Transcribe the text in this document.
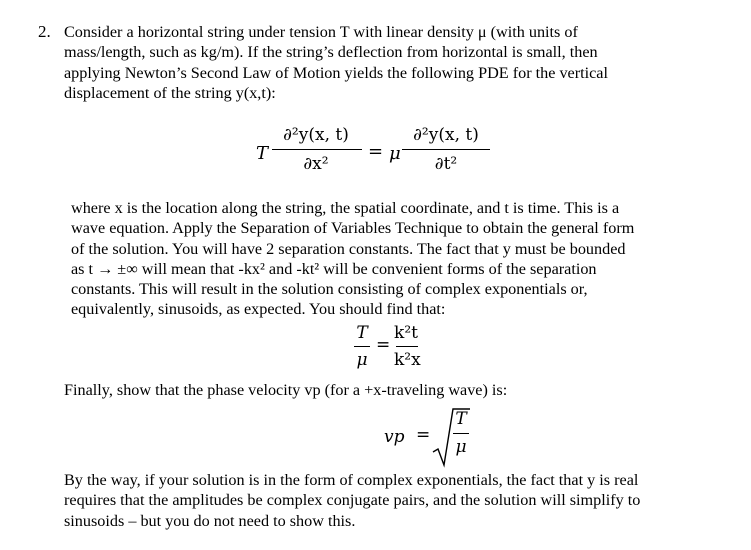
2. Consider a horizontal string under tension T with linear density μ (with units of
mass/length, such as kg/m). If the string’s deflection from horizontal is small, then
applying Newton’s Second Law of Motion yields the following PDE for the vertical
displacement of the string y(x,t):
T
∂²y(x, t)
∂x²
= μ
∂²y(x, t)
∂t²
where x is the location along the string, the spatial coordinate, and t is time. This is a
wave equation. Apply the Separation of Variables Technique to obtain the general form
of the solution. You will have 2 separation constants. The fact that y must be bounded
as t → ±∞ will mean that -kx² and -kt² will be convenient forms of the separation
constants. This will result in the solution consisting of complex exponentials or,
equivalently, sinusoids, as expected. You should find that:
T
μ
=
k²t
k²x
Finally, show that the phase velocity vp (for a +x-traveling wave) is:
vp =
T
μ
By the way, if your solution is in the form of complex exponentials, the fact that y is real
requires that the amplitudes be complex conjugate pairs, and the solution will simplify to
sinusoids – but you do not need to show this.
